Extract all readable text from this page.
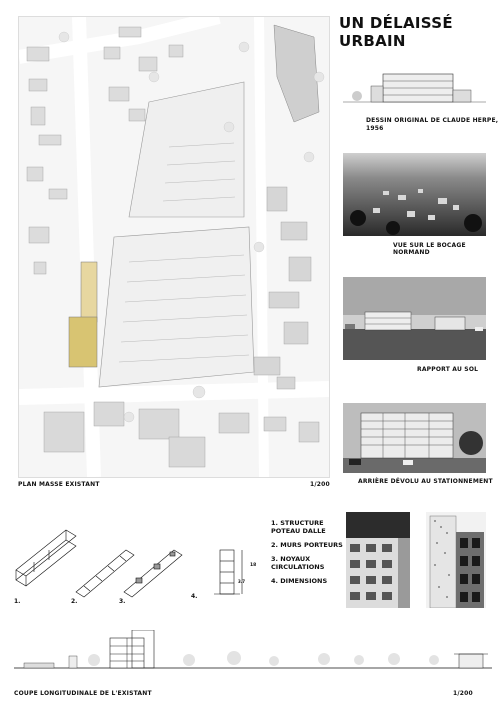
UN DÉLAISSÉ URBAIN
PLAN MASSE EXISTANT	1/200
DESSIN ORIGINAL DE CLAUDE HERPE,
1956
VUE SUR LE BOCAGE NORMAND
RAPPORT AU SOL
ARRIÈRE DÉVOLU AU STATIONNEMENT
1.	2.	3.
4.
18
3.7
1. STRUCTURE
POTEAU DALLE
2. MURS PORTEURS
3. NOYAUX
CIRCULATIONS
4. DIMENSIONS
COUPE LONGITUDINALE DE L'EXISTANT	1/200
